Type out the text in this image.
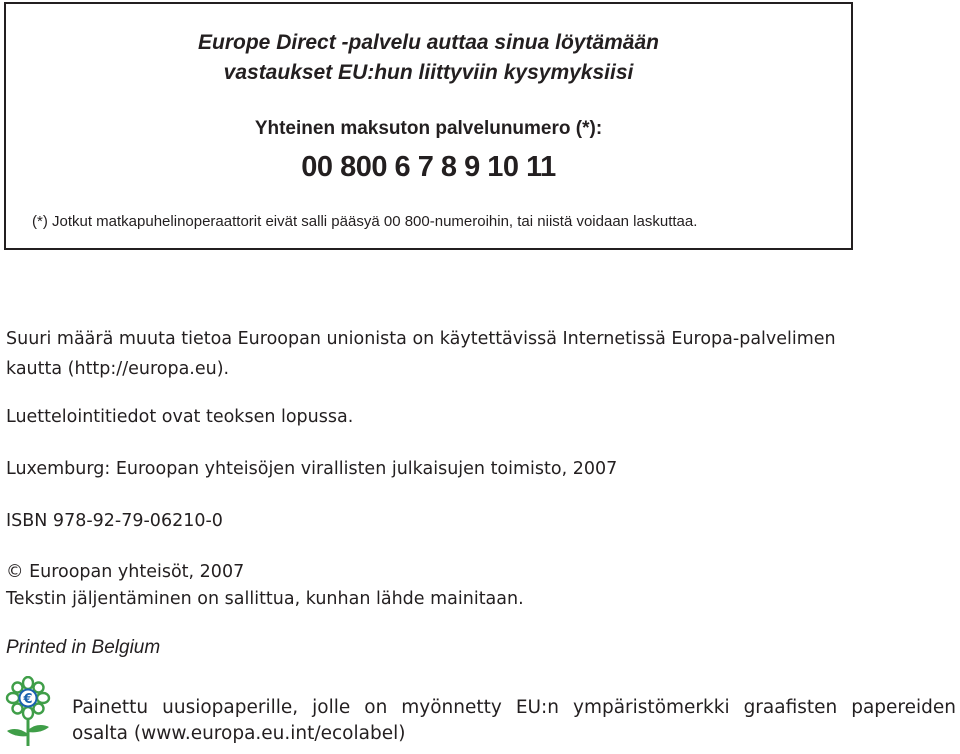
Europe Direct -palvelu auttaa sinua löytämään

vastaukset EU:hun liittyviin kysymyksiisi

Yhteinen maksuton palvelunumero (*):

00 800 6 7 8 9 10 11

(*) Jotkut matkapuhelinoperaattorit eivät salli pääsyä 00 800-numeroihin, tai niistä voidaan laskuttaa.

Suuri määrä muuta tietoa Euroopan unionista on käytettävissä Internetissä Europa-palvelimen

kautta (http://europa.eu).

Luettelointitiedot ovat teoksen lopussa.

Luxemburg: Euroopan yhteisöjen virallisten julkaisujen toimisto, 2007

ISBN 978-92-79-06210-0

© Euroopan yhteisöt, 2007

Tekstin jäljentäminen on sallittua, kunhan lähde mainitaan.

Printed in Belgium

€ Painettu uusiopaperille, jolle on myönnetty EU:n ympäristömerkki graafisten papereiden
osalta (www.europa.eu.int/ecolabel)
